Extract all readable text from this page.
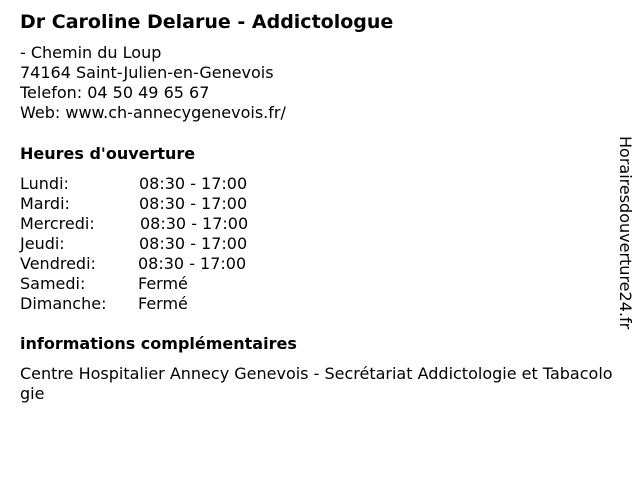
Dr Caroline Delarue - Addictologue
- Chemin du Loup
74164 Saint-Julien-en-Genevois
Telefon: 04 50 49 65 67
Web: www.ch-annecygenevois.fr/
Heures d'ouverture
Lundi:	08:30 - 17:00
Mardi:	08:30 - 17:00
Mercredi:	08:30 - 17:00
Jeudi:	08:30 - 17:00
Vendredi:	08:30 - 17:00
Samedi:	Fermé
Dimanche: Fermé
informations complémentaires
Centre Hospitalier Annecy Genevois - Secrétariat Addictologie et Tabacologie
Horairesdouverture24.fr
